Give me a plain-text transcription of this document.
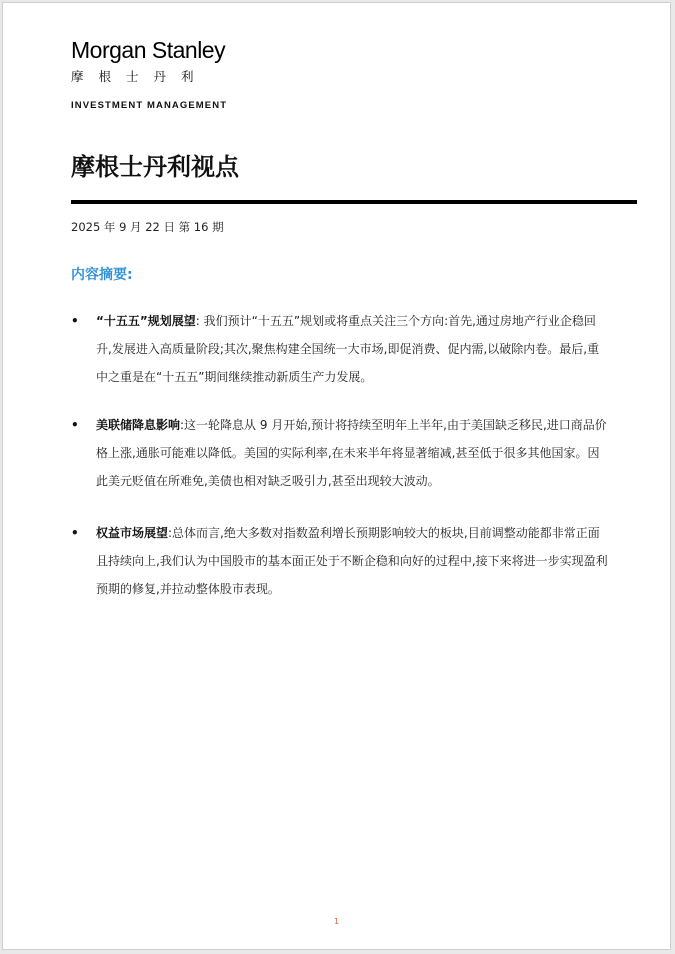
Morgan Stanley
摩根士丹利
INVESTMENT MANAGEMENT
摩根士丹利视点
2025 年 9 月 22 日 第 16 期
内容摘要:
• “十五五”规划展望: 我们预计“十五五”规划或将重点关注三个方向:首先,通过房地产行业企稳回升,发展进入高质量阶段;其次,聚焦构建全国统一大市场,即促消费、促内需,以破除内卷。最后,重中之重是在“十五五”期间继续推动新质生产力发展。
• 美联储降息影响:这一轮降息从 9 月开始,预计将持续至明年上半年,由于美国缺乏移民,进口商品价格上涨,通胀可能难以降低。美国的实际利率,在未来半年将显著缩减,甚至低于很多其他国家。因此美元贬值在所难免,美债也相对缺乏吸引力,甚至出现较大波动。
• 权益市场展望:总体而言,绝大多数对指数盈利增长预期影响较大的板块,目前调整动能都非常正面且持续向上,我们认为中国股市的基本面正处于不断企稳和向好的过程中,接下来将进一步实现盈利预期的修复,并拉动整体股市表现。
1
